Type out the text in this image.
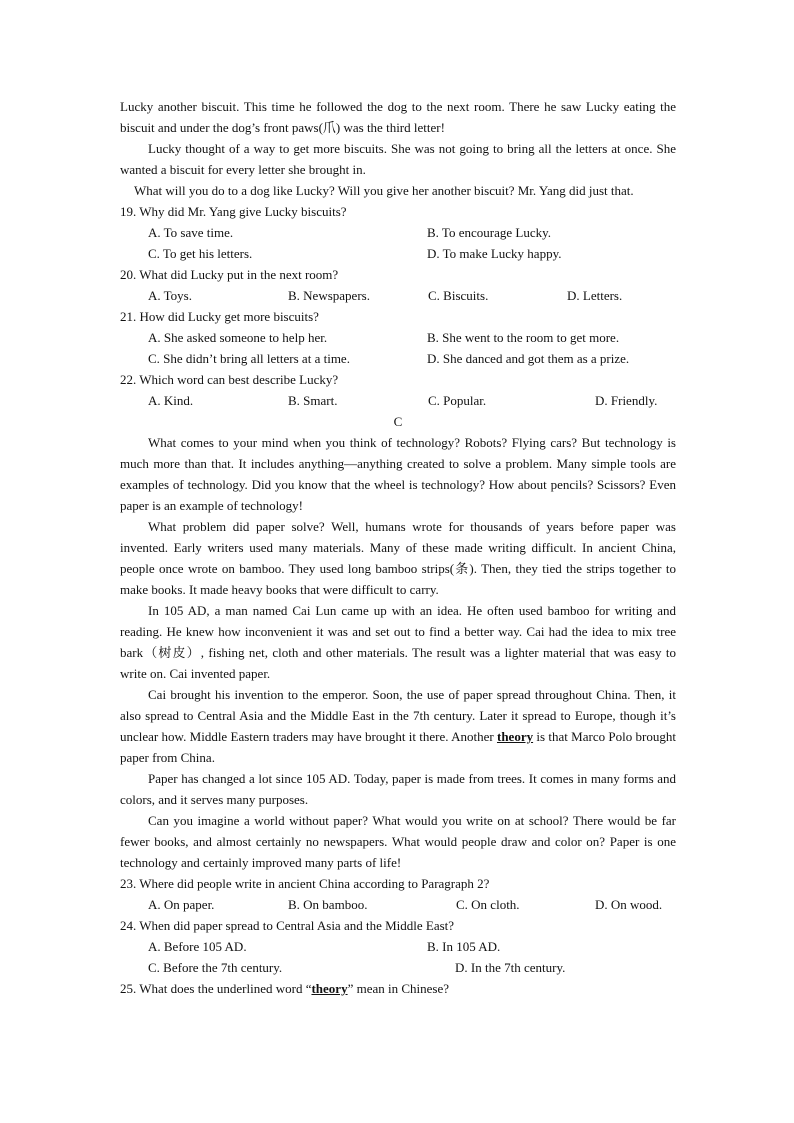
Lucky another biscuit. This time he followed the dog to the next room. There he saw Lucky eating the biscuit and under the dog’s front paws(爪) was the third letter!

Lucky thought of a way to get more biscuits. She was not going to bring all the letters at once. She wanted a biscuit for every letter she brought in.

What will you do to a dog like Lucky? Will you give her another biscuit? Mr. Yang did just that.

19. Why did Mr. Yang give Lucky biscuits?

A. To save time.	B. To encourage Lucky.
C. To get his letters.	D. To make Lucky happy.

20. What did Lucky put in the next room?

A. Toys.	B. Newspapers.	C. Biscuits.	D. Letters.

21. How did Lucky get more biscuits?

A. She asked someone to help her.	B. She went to the room to get more.
C. She didn’t bring all letters at a time.	D. She danced and got them as a prize.

22. Which word can best describe Lucky?

A. Kind.	B. Smart.	C. Popular.	D. Friendly.

C

What comes to your mind when you think of technology? Robots? Flying cars? But technology is much more than that. It includes anything—anything created to solve a problem. Many simple tools are examples of technology. Did you know that the wheel is technology? How about pencils? Scissors? Even paper is an example of technology!

What problem did paper solve? Well, humans wrote for thousands of years before paper was invented. Early writers used many materials. Many of these made writing difficult. In ancient China, people once wrote on bamboo. They used long bamboo strips(条). Then, they tied the strips together to make books. It made heavy books that were difficult to carry.

In 105 AD, a man named Cai Lun came up with an idea. He often used bamboo for writing and reading. He knew how inconvenient it was and set out to find a better way. Cai had the idea to mix tree bark（树皮）, fishing net, cloth and other materials. The result was a lighter material that was easy to write on. Cai invented paper.

Cai brought his invention to the emperor. Soon, the use of paper spread throughout China. Then, it also spread to Central Asia and the Middle East in the 7th century. Later it spread to Europe, though it’s unclear how. Middle Eastern traders may have brought it there. Another theory is that Marco Polo brought paper from China.

Paper has changed a lot since 105 AD. Today, paper is made from trees. It comes in many forms and colors, and it serves many purposes.

Can you imagine a world without paper? What would you write on at school? There would be far fewer books, and almost certainly no newspapers. What would people draw and color on? Paper is one technology and certainly improved many parts of life!

23. Where did people write in ancient China according to Paragraph 2?

A. On paper.	B. On bamboo.	C. On cloth.	D. On wood.

24. When did paper spread to Central Asia and the Middle East?

A. Before 105 AD.	B. In 105 AD.
C. Before the 7th century.	D. In the 7th century.

25. What does the underlined word “theory” mean in Chinese?
